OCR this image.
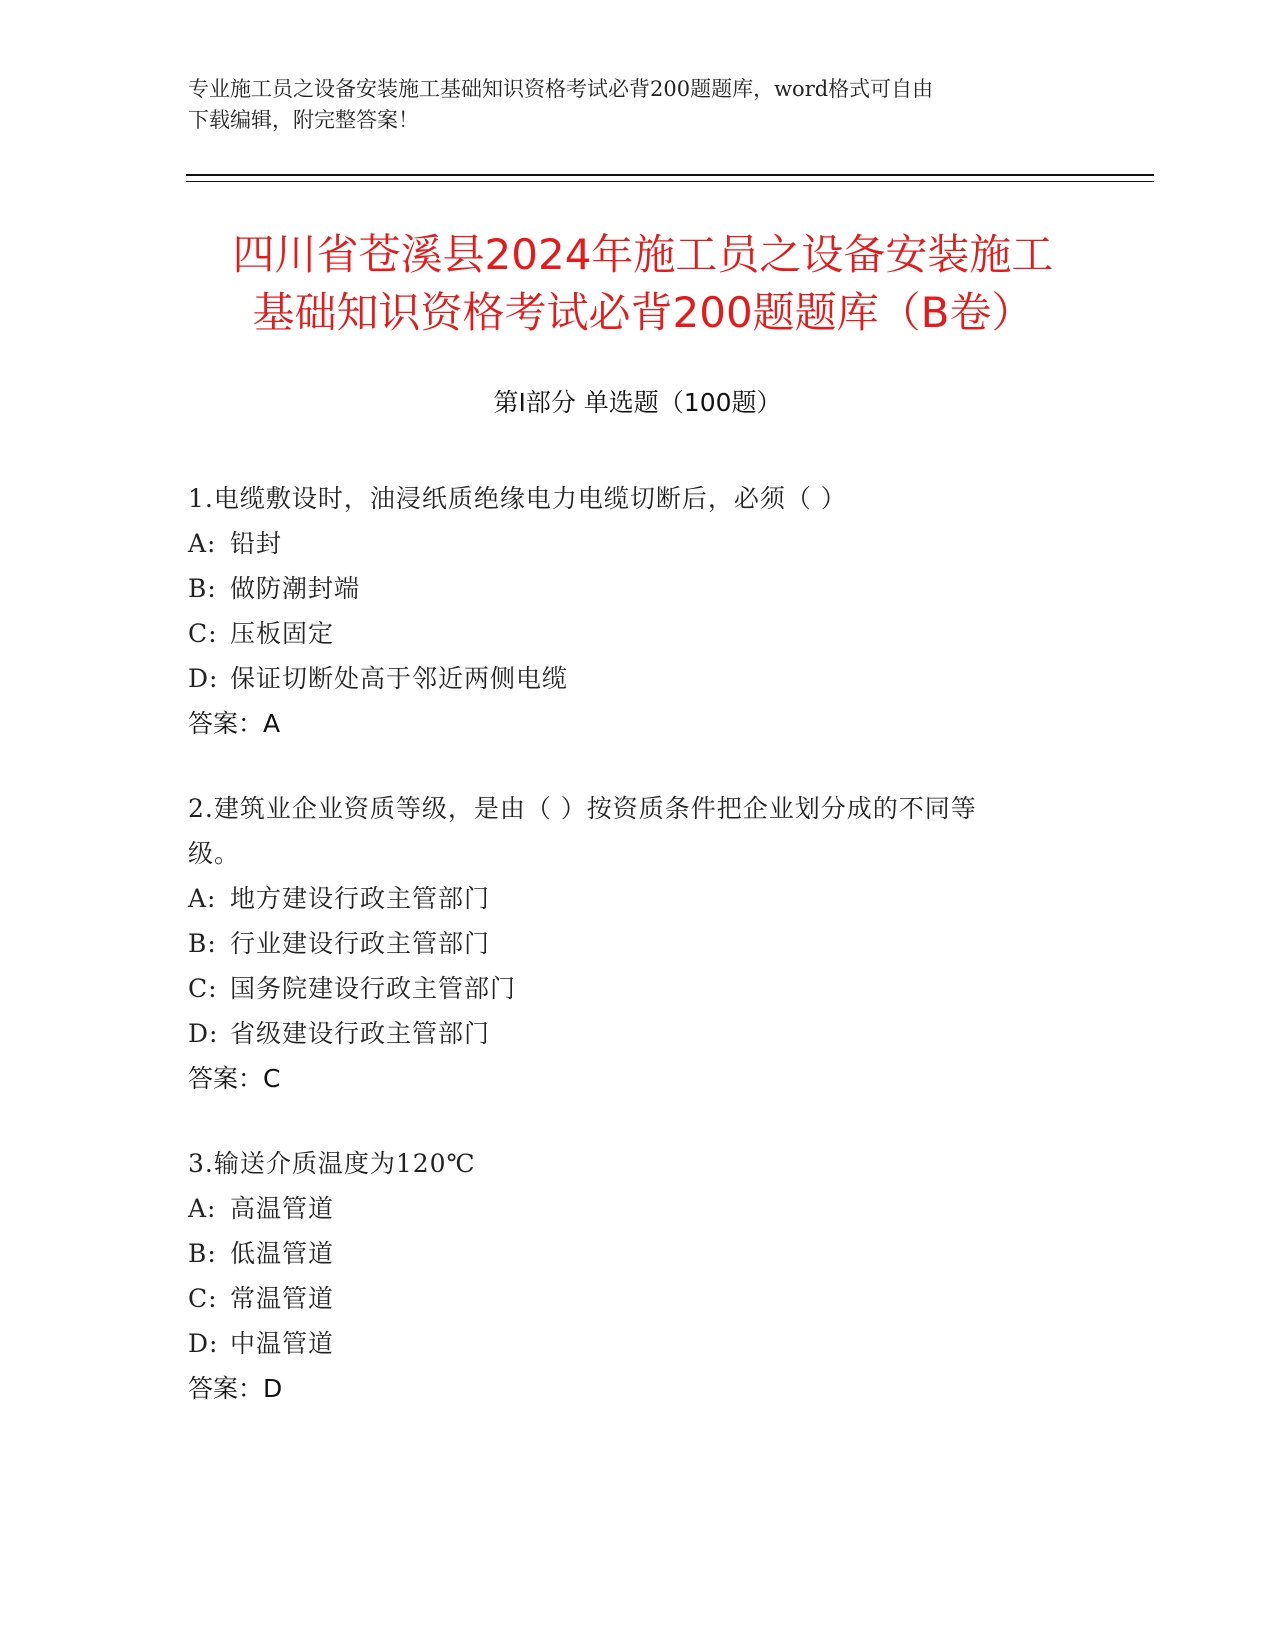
专业施工员之设备安装施工基础知识资格考试必背200题题库，word格式可自由
下载编辑，附完整答案！
四川省苍溪县2024年施工员之设备安装施工
基础知识资格考试必背200题题库（B卷）
第Ⅰ部分 单选题（100题）

1.电缆敷设时，油浸纸质绝缘电力电缆切断后，必须（ ）

A: 铅封

B: 做防潮封端

C: 压板固定

D: 保证切断处高于邻近两侧电缆

答案：A

2.建筑业企业资质等级，是由（ ）按资质条件把企业划分成的不同等

级。

A: 地方建设行政主管部门

B: 行业建设行政主管部门

C: 国务院建设行政主管部门

D: 省级建设行政主管部门

答案：C

3.输送介质温度为120℃

A: 高温管道

B: 低温管道

C: 常温管道

D: 中温管道

答案：D
